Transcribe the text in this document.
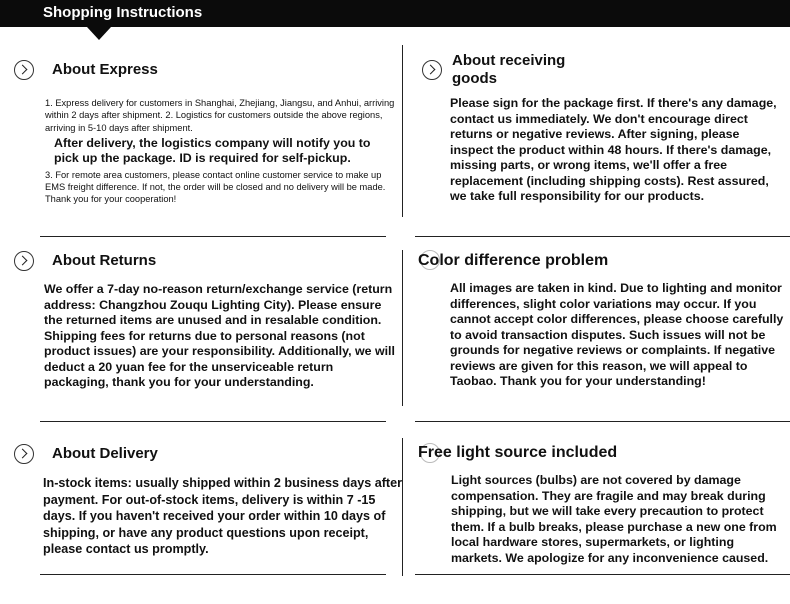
Shopping Instructions
About Express

1. Express delivery for customers in Shanghai, Zhejiang, Jiangsu, and Anhui, arriving within 2 days after shipment. 2. Logistics for customers outside the above regions, arriving in 5-10 days after shipment.

After delivery, the logistics company will notify you to pick up the package. ID is required for self-pickup.

3. For remote area customers, please contact online customer service to make up EMS freight difference. If not, the order will be closed and no delivery will be made. Thank you for your cooperation!

About receiving goods
Please sign for the package first. If there's any damage, contact us immediately. We don't encourage direct returns or negative reviews. After signing, please inspect the product within 48 hours. If there's damage, missing parts, or wrong items, we'll offer a free replacement (including shipping costs). Rest assured, we take full responsibility for our products.
About Returns
We offer a 7-day no-reason return/exchange service (return address: Changzhou Zouqu Lighting City). Please ensure the returned items are unused and in resalable condition. Shipping fees for returns due to personal reasons (not product issues) are your responsibility. Additionally, we will deduct a 20 yuan fee for the unserviceable return packaging, thank you for your understanding.
Color difference problem
All images are taken in kind. Due to lighting and monitor differences, slight color variations may occur. If you cannot accept color differences, please choose carefully to avoid transaction disputes. Such issues will not be grounds for negative reviews or complaints. If negative reviews are given for this reason, we will appeal to Taobao. Thank you for your understanding!
About Delivery
In-stock items: usually shipped within 2 business days after payment. For out-of-stock items, delivery is within 7 -15 days. If you haven't received your order within 10 days of shipping, or have any product questions upon receipt, please contact us promptly.
Free light source included
Light sources (bulbs) are not covered by damage compensation. They are fragile and may break during shipping, but we will take every precaution to protect them. If a bulb breaks, please purchase a new one from local hardware stores, supermarkets, or lighting markets. We apologize for any inconvenience caused.
